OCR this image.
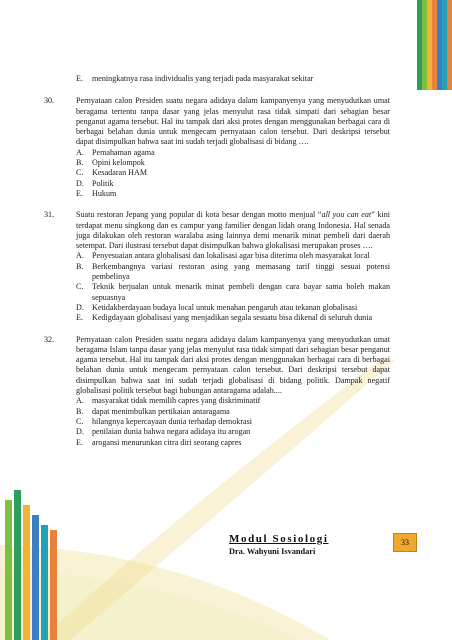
E.	meningkatnya rasa individualis yang terjadi pada masyarakat sekitar
30.	Pernyataan calon Presiden suatu negara adidaya dalam kampanyenya yang menyudutkan umat beragama tertentu tanpa dasar yang jelas menyulut rasa tidak simpati dari sebagian besar penganut agama tersebut. Hal itu tampak dari aksi protes dengan menggunakan berbagai cara di berbagai belahan dunia untuk mengecam pernyataan calon tersebut. Dari deskripsi tersebut dapat disimpulkan bahwa saat ini sudah terjadi globalisasi di bidang ….

A.	Pemahaman agama
B.	Opini kelompok
C.	Kesadaran HAM
D.	Politik
E.	Hukum
31.	Suatu restoran Jepang yang popular di kota besar dengan motto menjual “all you can eat” kini terdapat menu singkong dan es campur yang familier dengan lidah orang Indonesia. Hal senada juga dilakukan oleh restoran waralaba asing lainnya demi menarik minat pembeli dari daerah setempat. Dari ilustrasi tersebut dapat disimpulkan bahwa glokalisasi merupakan proses ….

A.	Penyesuaian antara globalisasi dan lokalisasi agar bisa diterima oleh masyarakat local
B.	Berkembangnya variasi restoran asing yang memasang tarif tinggi sesuai potensi pembelinya
C.	Teknik berjualan untuk menarik minat pembeli dengan cara bayar sama boleh makan sepuasnya
D.	Ketidakberdayaan budaya local untuk menahan pengaruh atau tekanan globalisasi
E.	Kedigdayaan globalisasi yang menjadikan segala sesuatu bisa dikenal di seluruh dunia
32.	Pernyataan calon Presiden suatu negara adidaya dalam kampanyenya yang menyudutkan umat beragama Islam tanpa dasar yang jelas menyulut rasa tidak simpati dari sebagian besar penganut agama tersebut. Hal itu tampak dari aksi protes dengan menggunakan berbagai cara di berbagai belahan dunia untuk mengecam pernyataan calon tersebut. Dari deskripsi tersebut dapat disimpulkan bahwa saat ini sudah terjadi globalisasi di bidang politik. Dampak negatif globalisasi politik tersebut bagi hubungan antaragama adalah....

A.	masyarakat tidak memilih capres yang diskriminatif
B.	dapat menimbulkan pertikaian antaragama
C.	hilangnya kepercayaan dunia terhadap demokrasi
D.	penilaian dunia bahwa negara adidaya itu arogan
E.	arogansi menurunkan citra diri seorang capres

Modul Sosiologi

Dra. Wahyuni Isvandari
33
